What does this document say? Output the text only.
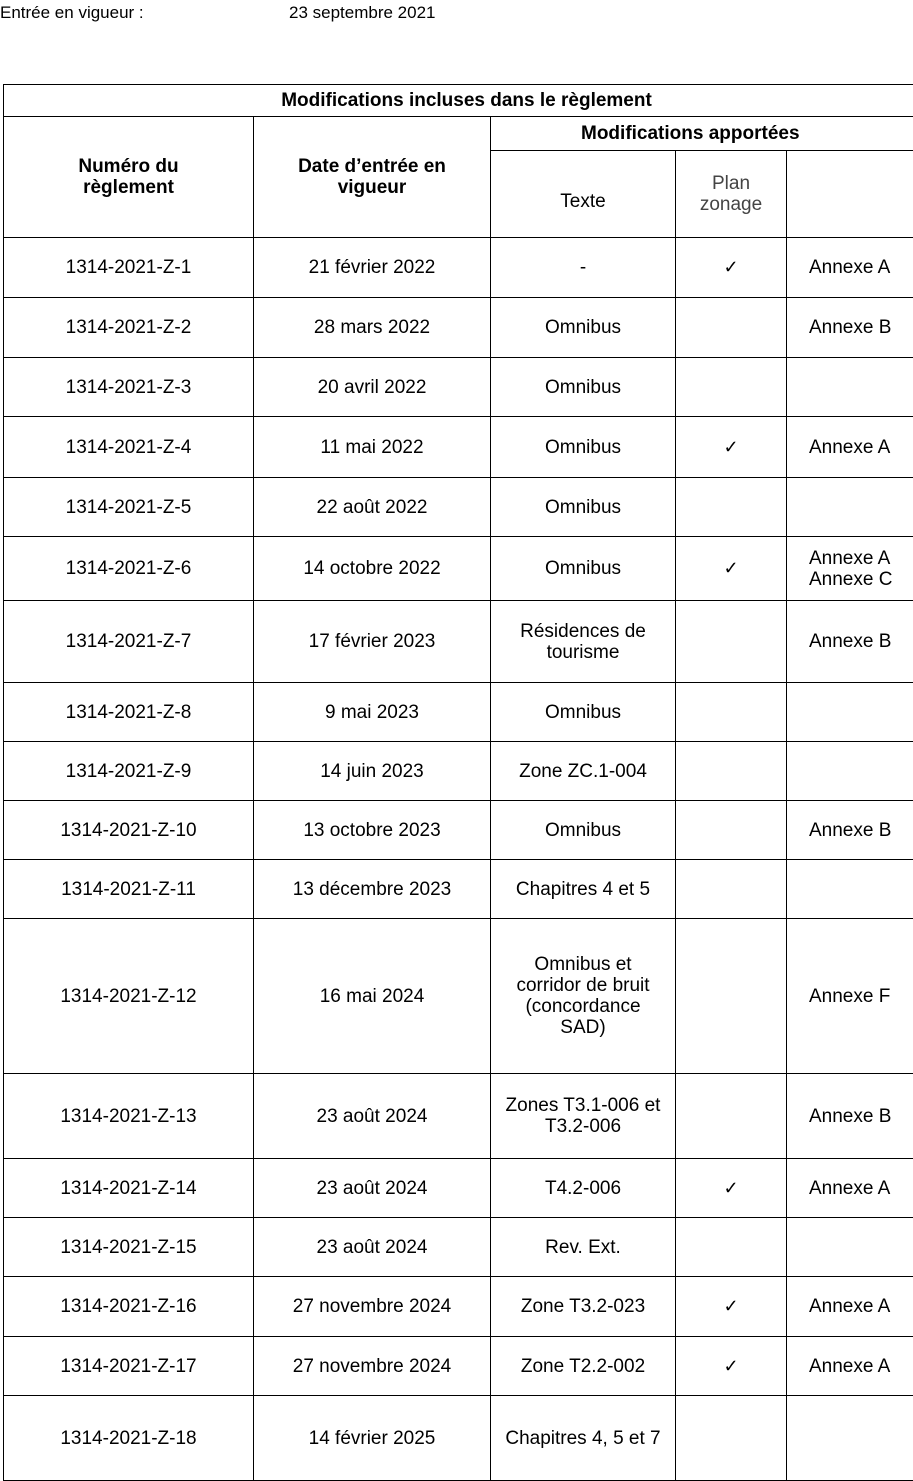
Entrée en vigueur :	23 septembre 2021
Modifications incluses dans le règlement				

Numéro du règlement	Date d’entrée en vigueur	Modifications apportées		
		Texte	Plan zonage	

1314-2021-Z-1	21 février 2022	-	✓	Annexe A
1314-2021-Z-2	28 mars 2022	Omnibus		Annexe B
1314-2021-Z-3	20 avril 2022	Omnibus		
1314-2021-Z-4	11 mai 2022	Omnibus	✓	Annexe A
1314-2021-Z-5	22 août 2022	Omnibus		
1314-2021-Z-6	14 octobre 2022	Omnibus	✓	Annexe A Annexe C
1314-2021-Z-7	17 février 2023	Résidences de tourisme		Annexe B
1314-2021-Z-8	9 mai 2023	Omnibus		
1314-2021-Z-9	14 juin 2023	Zone ZC.1-004		
1314-2021-Z-10	13 octobre 2023	Omnibus		Annexe B
1314-2021-Z-11	13 décembre 2023	Chapitres 4 et 5		
1314-2021-Z-12	16 mai 2024	Omnibus et corridor de bruit (concordance SAD)		Annexe F
1314-2021-Z-13	23 août 2024	Zones T3.1-006 et T3.2-006		Annexe B
1314-2021-Z-14	23 août 2024	T4.2-006	✓	Annexe A
1314-2021-Z-15	23 août 2024	Rev. Ext.		
1314-2021-Z-16	27 novembre 2024	Zone T3.2-023	✓	Annexe A
1314-2021-Z-17	27 novembre 2024	Zone T2.2-002	✓	Annexe A
1314-2021-Z-18	14 février 2025	Chapitres 4, 5 et 7		
